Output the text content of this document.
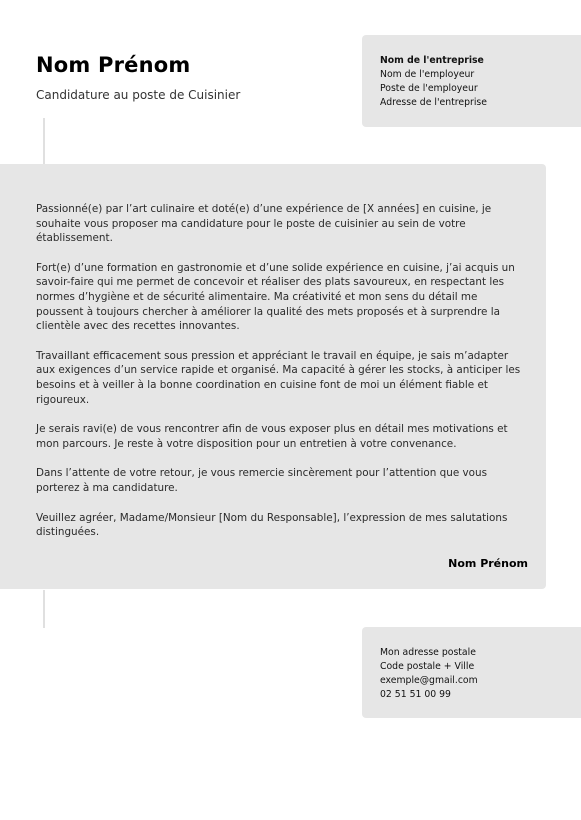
Nom Prénom
Candidature au poste de Cuisinier
Nom de l'entreprise
Nom de l'employeur
Poste de l'employeur
Adresse de l'entreprise

Passionné(e) par l’art culinaire et doté(e) d’une expérience de [X années] en cuisine, je souhaite vous proposer ma candidature pour le poste de cuisinier au sein de votre établissement.

Fort(e) d’une formation en gastronomie et d’une solide expérience en cuisine, j’ai acquis un savoir-faire qui me permet de concevoir et réaliser des plats savoureux, en respectant les normes d’hygiène et de sécurité alimentaire. Ma créativité et mon sens du détail me poussent à toujours chercher à améliorer la qualité des mets proposés et à surprendre la clientèle avec des recettes innovantes.

Travaillant efficacement sous pression et appréciant le travail en équipe, je sais m’adapter aux exigences d’un service rapide et organisé. Ma capacité à gérer les stocks, à anticiper les besoins et à veiller à la bonne coordination en cuisine font de moi un élément fiable et rigoureux.

Je serais ravi(e) de vous rencontrer afin de vous exposer plus en détail mes motivations et mon parcours. Je reste à votre disposition pour un entretien à votre convenance.

Dans l’attente de votre retour, je vous remercie sincèrement pour l’attention que vous porterez à ma candidature.

Veuillez agréer, Madame/Monsieur [Nom du Responsable], l’expression de mes salutations distinguées.

Nom Prénom
Mon adresse postale
Code postale + Ville
exemple@gmail.com
02 51 51 00 99
